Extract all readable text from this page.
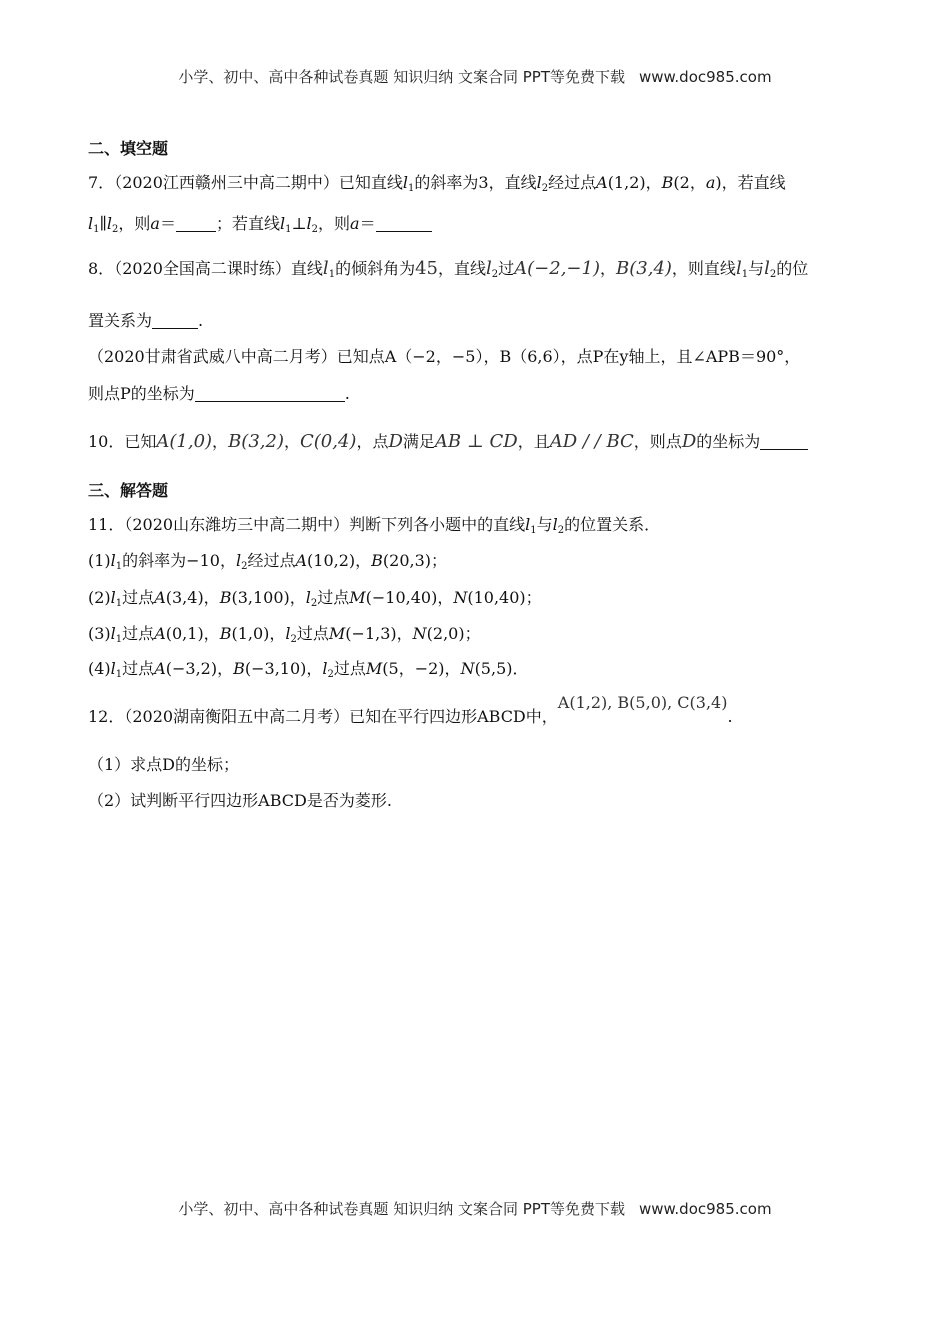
小学、初中、高中各种试卷真题 知识归纳 文案合同 PPT等免费下载 www.doc985.com
二、填空题
7．（2020江西赣州三中高二期中）已知直线$l_1$的斜率为3，直线$l_2$经过点A(1,2)，B(2，a)，若直线
$l_1\parallel l_2$，则a＝	；若直线$l_1\perp l_2$，则a＝
8．（2020全国高二课时练）直线$l_1$的倾斜角为45，直线$l_2$过A(−2,−1)，B(3,4)，则直线$l_1$与$l_2$的位
置关系为	.
（2020甘肃省武威八中高二月考）已知点A（−2，−5），B（6,6），点P在y轴上，且∠APB＝90°，
则点P的坐标为	.
10．已知A(1,0)，B(3,2)，C(0,4)，点D满足AB ⊥ CD，且AD / / BC，则点D的坐标为
三、解答题
11．（2020山东潍坊三中高二期中）判断下列各小题中的直线$l_1$与$l_2$的位置关系．
$(1)l_1$的斜率为−10，$l_2$经过点A(10,2)，B(20,3)；
$(2)l_1$过点A(3,4)，B(3,100)，$l_2$过点M(−10,40)，N(10,40)；
$(3)l_1$过点A(0,1)，B(1,0)，$l_2$过点M(−1,3)，N(2,0)；
$(4)l_1$过点A(−3,2)，B(−3,10)，$l_2$过点M(5，−2)，N(5,5)．
12．（2020湖南衡阳五中高二月考）已知在平行四边形ABCD中，A(1,2), B(5,0), C(3,4).
（1）求点D的坐标；
（2）试判断平行四边形ABCD是否为菱形.
小学、初中、高中各种试卷真题 知识归纳 文案合同 PPT等免费下载 www.doc985.com
